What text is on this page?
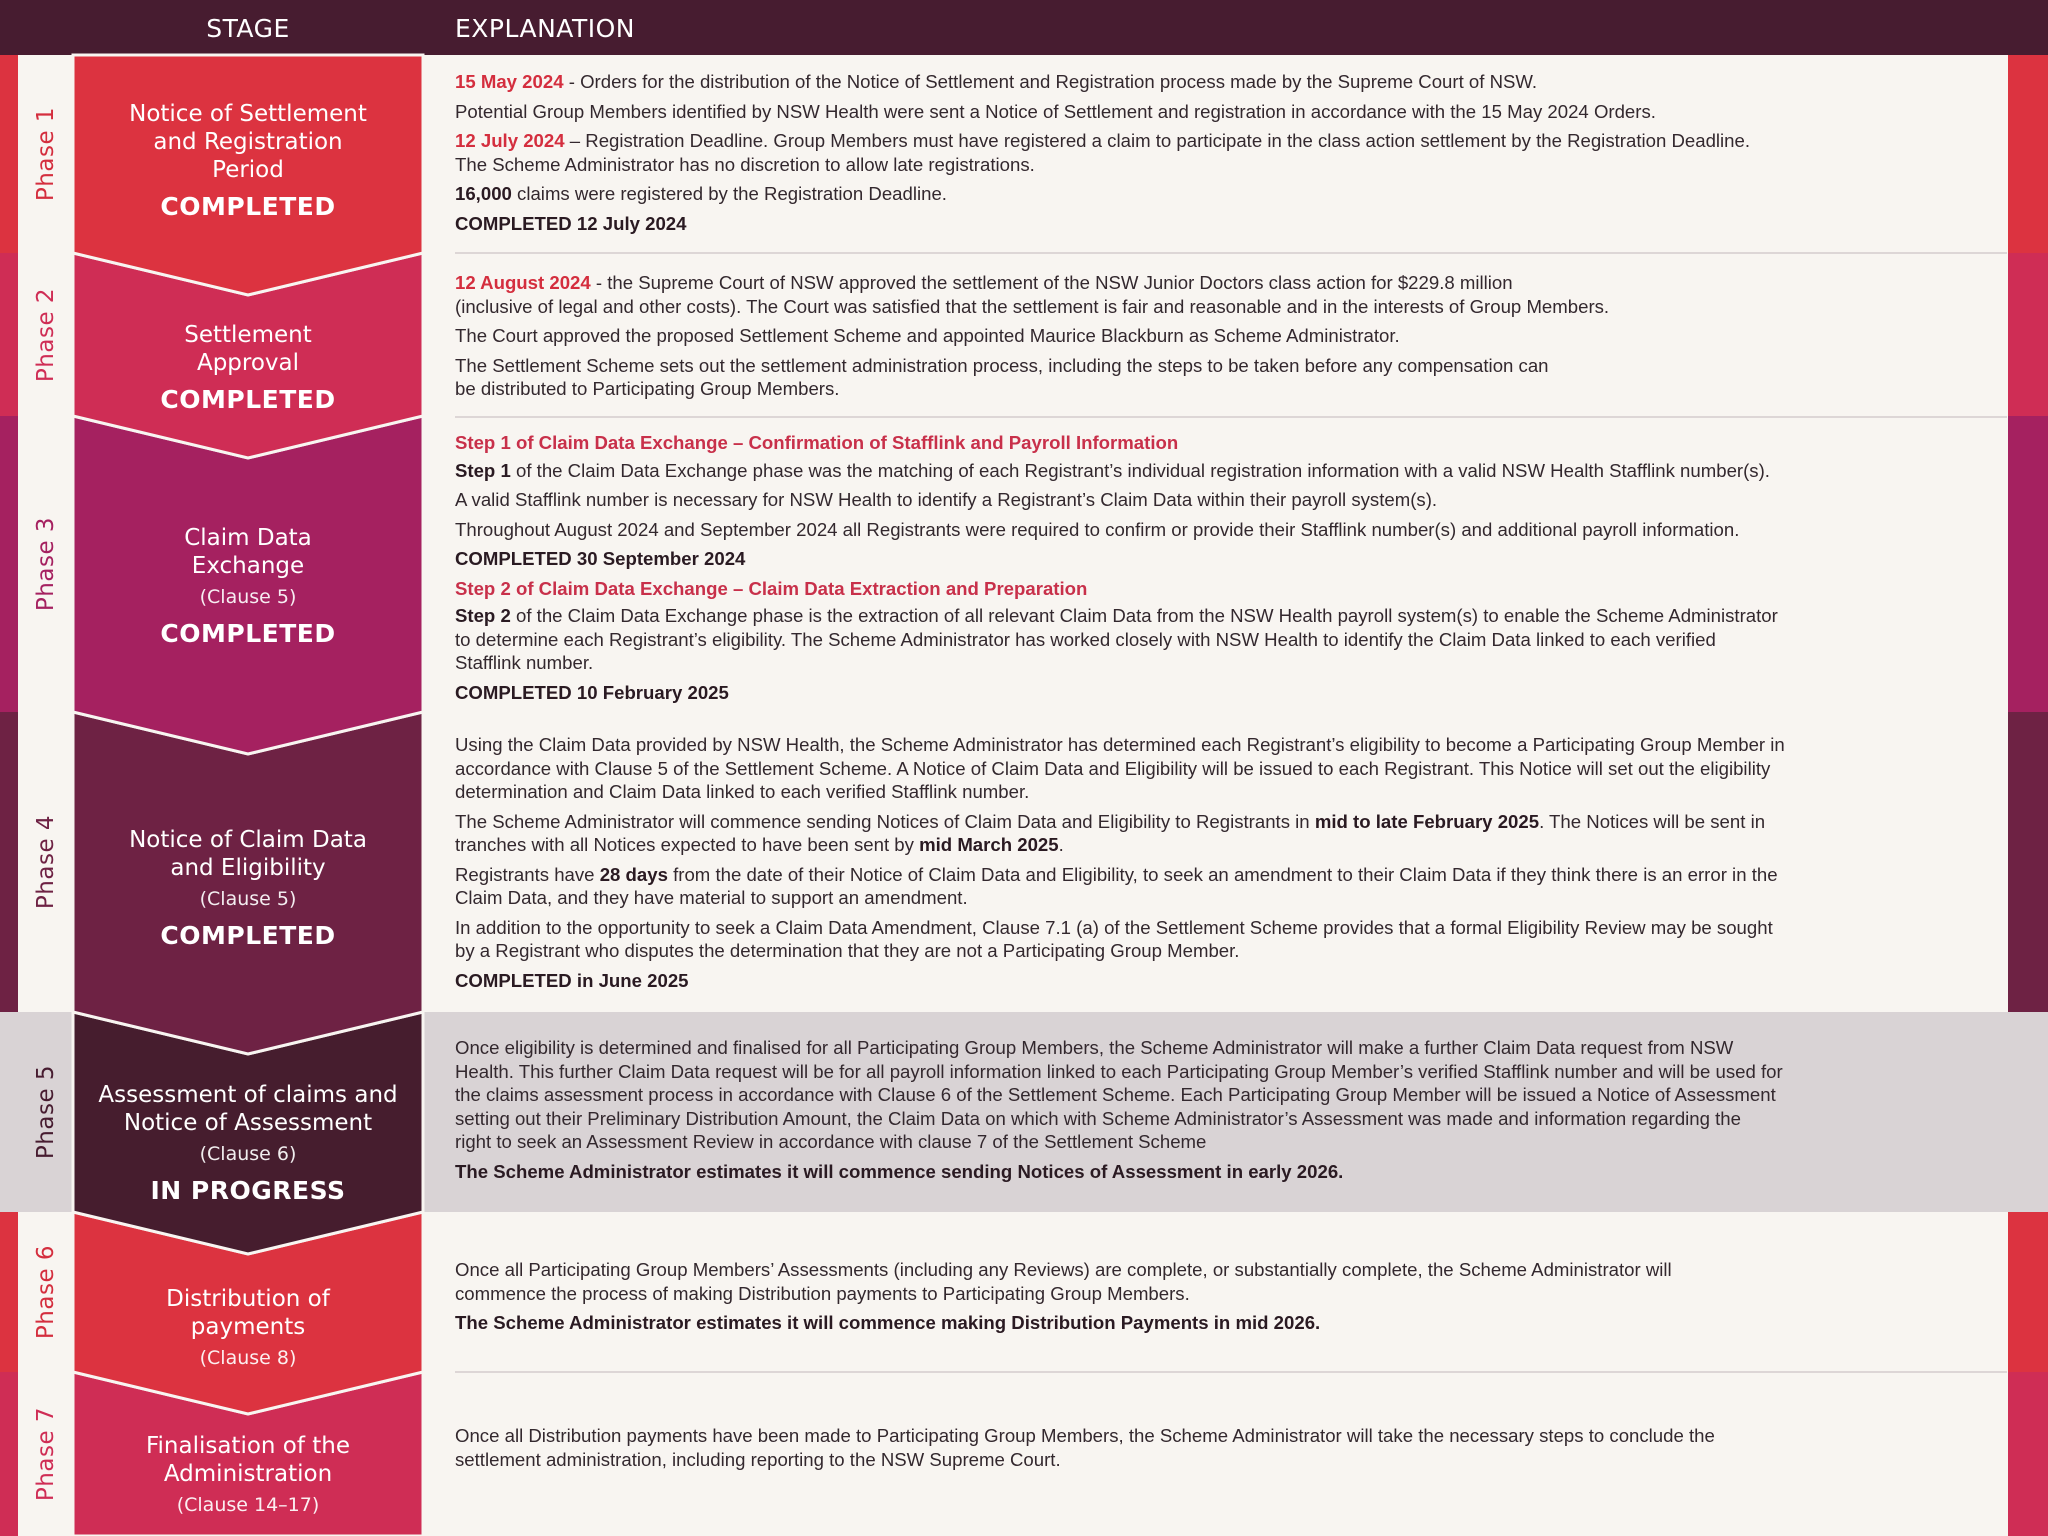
STAGE	EXPLANATION
Phase 1
Phase 2
Phase 3
Phase 4
Phase 5
Phase 6
Phase 7
Notice of Settlement
and Registration
Period
COMPLETED
Settlement
Approval
COMPLETED
Claim Data
Exchange
(Clause 5)
COMPLETED
Notice of Claim Data
and Eligibility
(Clause 5)
COMPLETED
Assessment of claims and
Notice of Assessment
(Clause 6)
IN PROGRESS
Distribution of
payments
(Clause 8)
Finalisation of the
Administration
(Clause 14–17)

15 May 2024 - Orders for the distribution of the Notice of Settlement and Registration process made by the Supreme Court of NSW.

Potential Group Members identified by NSW Health were sent a Notice of Settlement and registration in accordance with the 15 May 2024 Orders.

12 July 2024 – Registration Deadline. Group Members must have registered a claim to participate in the class action settlement by the Registration Deadline.
The Scheme Administrator has no discretion to allow late registrations.

16,000 claims were registered by the Registration Deadline.

COMPLETED 12 July 2024

12 August 2024 - the Supreme Court of NSW approved the settlement of the NSW Junior Doctors class action for $229.8 million
(inclusive of legal and other costs). The Court was satisfied that the settlement is fair and reasonable and in the interests of Group Members.

The Court approved the proposed Settlement Scheme and appointed Maurice Blackburn as Scheme Administrator.

The Settlement Scheme sets out the settlement administration process, including the steps to be taken before any compensation can
be distributed to Participating Group Members.

Step 1 of Claim Data Exchange – Confirmation of Stafflink and Payroll Information

Step 1 of the Claim Data Exchange phase was the matching of each Registrant’s individual registration information with a valid NSW Health Stafflink number(s).

A valid Stafflink number is necessary for NSW Health to identify a Registrant’s Claim Data within their payroll system(s).

Throughout August 2024 and September 2024 all Registrants were required to confirm or provide their Stafflink number(s) and additional payroll information.

COMPLETED 30 September 2024

Step 2 of Claim Data Exchange – Claim Data Extraction and Preparation

Step 2 of the Claim Data Exchange phase is the extraction of all relevant Claim Data from the NSW Health payroll system(s) to enable the Scheme Administrator
to determine each Registrant’s eligibility. The Scheme Administrator has worked closely with NSW Health to identify the Claim Data linked to each verified
Stafflink number.

COMPLETED 10 February 2025

Using the Claim Data provided by NSW Health, the Scheme Administrator has determined each Registrant’s eligibility to become a Participating Group Member in
accordance with Clause 5 of the Settlement Scheme. A Notice of Claim Data and Eligibility will be issued to each Registrant. This Notice will set out the eligibility
determination and Claim Data linked to each verified Stafflink number.

The Scheme Administrator will commence sending Notices of Claim Data and Eligibility to Registrants in mid to late February 2025. The Notices will be sent in
tranches with all Notices expected to have been sent by mid March 2025.

Registrants have 28 days from the date of their Notice of Claim Data and Eligibility, to seek an amendment to their Claim Data if they think there is an error in the
Claim Data, and they have material to support an amendment.

In addition to the opportunity to seek a Claim Data Amendment, Clause 7.1 (a) of the Settlement Scheme provides that a formal Eligibility Review may be sought
by a Registrant who disputes the determination that they are not a Participating Group Member.

COMPLETED in June 2025

Once eligibility is determined and finalised for all Participating Group Members, the Scheme Administrator will make a further Claim Data request from NSW
Health. This further Claim Data request will be for all payroll information linked to each Participating Group Member’s verified Stafflink number and will be used for
the claims assessment process in accordance with Clause 6 of the Settlement Scheme. Each Participating Group Member will be issued a Notice of Assessment
setting out their Preliminary Distribution Amount, the Claim Data on which with Scheme Administrator’s Assessment was made and information regarding the
right to seek an Assessment Review in accordance with clause 7 of the Settlement Scheme

The Scheme Administrator estimates it will commence sending Notices of Assessment in early 2026.

Once all Participating Group Members’ Assessments (including any Reviews) are complete, or substantially complete, the Scheme Administrator will
commence the process of making Distribution payments to Participating Group Members.

The Scheme Administrator estimates it will commence making Distribution Payments in mid 2026.

Once all Distribution payments have been made to Participating Group Members, the Scheme Administrator will take the necessary steps to conclude the
settlement administration, including reporting to the NSW Supreme Court.
